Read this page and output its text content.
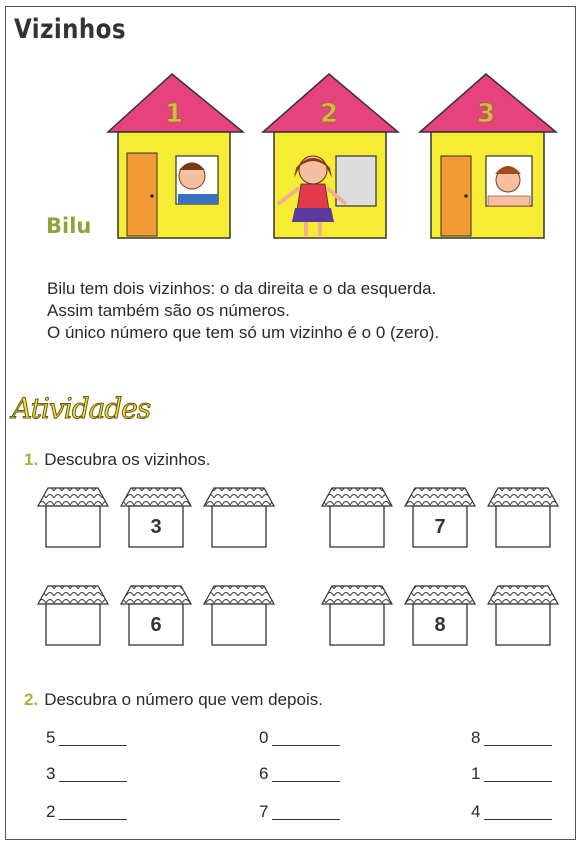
Vizinhos
1	2	3
Bilu
Bilu tem dois vizinhos: o da direita e o da esquerda.
Assim também são os números.
O único número que tem só um vizinho é o 0 (zero).
Atividades
1. Descubra os vizinhos.
3	7
6	8
2. Descubra o número que vem depois.
5	0	8
3	6	1
2	7	4
